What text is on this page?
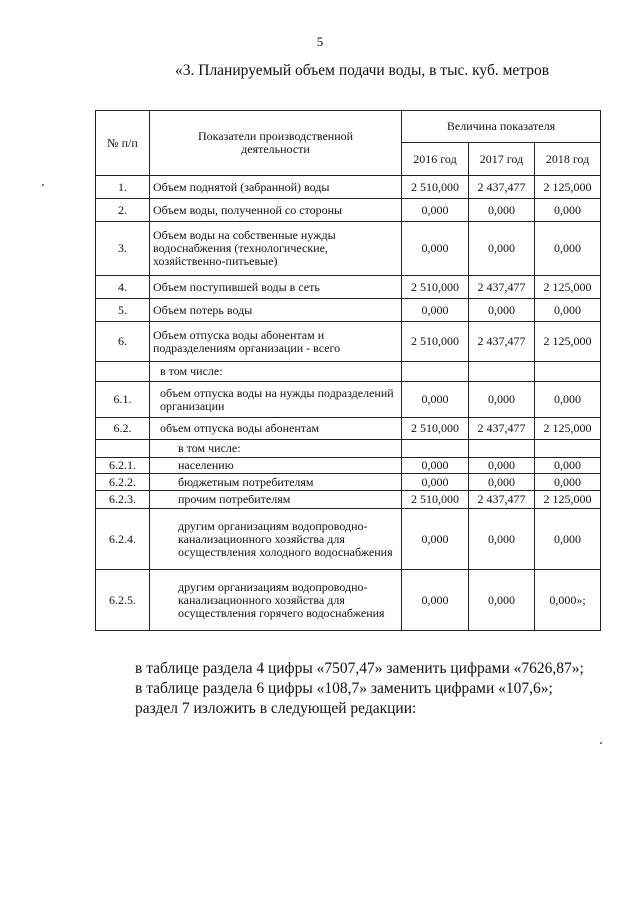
5
«3. Планируемый объем подачи воды, в тыс. куб. метров
№ п/п	Показатели производственной деятельности	Величина показателя		
		2016 год	2017 год	2018 год
1.	Объем поднятой (забранной) воды	2 510,000	2 437,477	2 125,000
2.	Объем воды, полученной со стороны	0,000	0,000	0,000
3.	Объем воды на собственные нужды водоснабжения (технологические, хозяйственно-питьевые)	0,000	0,000	0,000
4.	Объем поступившей воды в сеть	2 510,000	2 437,477	2 125,000
5.	Объем потерь воды	0,000	0,000	0,000
6.	Объем отпуска воды абонентам и подразделениям организации - всего	2 510,000	2 437,477	2 125,000
	в том числе:			
6.1.	объем отпуска воды на нужды подразделений организации	0,000	0,000	0,000
6.2.	объем отпуска воды абонентам	2 510,000	2 437,477	2 125,000
	в том числе:			
6.2.1.	населению	0,000	0,000	0,000
6.2.2.	бюджетным потребителям	0,000	0,000	0,000
6.2.3.	прочим потребителям	2 510,000	2 437,477	2 125,000
6.2.4.	другим организациям водопроводно-канализационного хозяйства для осуществления холодного водоснабжения	0,000	0,000	0,000
6.2.5.	другим организациям водопроводно-канализационного хозяйства для осуществления горячего водоснабжения	0,000	0,000	0,000»;
в таблице раздела 4 цифры «7507,47» заменить цифрами «7626,87»;
в таблице раздела 6 цифры «108,7» заменить цифрами «107,6»;
раздел 7 изложить в следующей редакции:
